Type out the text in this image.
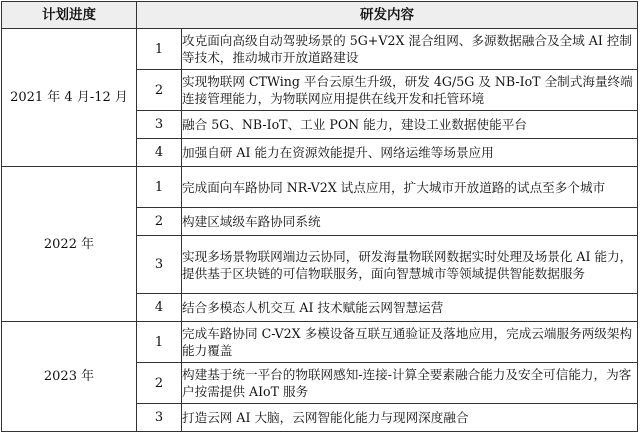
计划进度	研发内容	
2021 年 4 月-12 月	1	攻克面向高级自动驾驶场景的 5G+V2X 混合组网、多源数据融合及全域 AI 控制等技术，推动城市开放道路建设
	2	实现物联网 CTWing 平台云原生升级，研发 4G/5G 及 NB-IoT 全制式海量终端连接管理能力，为物联网应用提供在线开发和托管环境
	3	融合 5G、NB-IoT、工业 PON 能力，建设工业数据使能平台
	4	加强自研 AI 能力在资源效能提升、网络运维等场景应用
2022 年	1	完成面向车路协同 NR-V2X 试点应用，扩大城市开放道路的试点至多个城市
	2	构建区域级车路协同系统
	3	实现多场景物联网端边云协同，研发海量物联网数据实时处理及场景化 AI 能力，提供基于区块链的可信物联服务，面向智慧城市等领域提供智能数据服务
	4	结合多模态人机交互 AI 技术赋能云网智慧运营
2023 年	1	完成车路协同 C-V2X 多模设备互联互通验证及落地应用，完成云端服务两级架构能力覆盖
	2	构建基于统一平台的物联网感知-连接-计算全要素融合能力及安全可信能力，为客户按需提供 AIoT 服务
	3	打造云网 AI 大脑，云网智能化能力与现网深度融合
